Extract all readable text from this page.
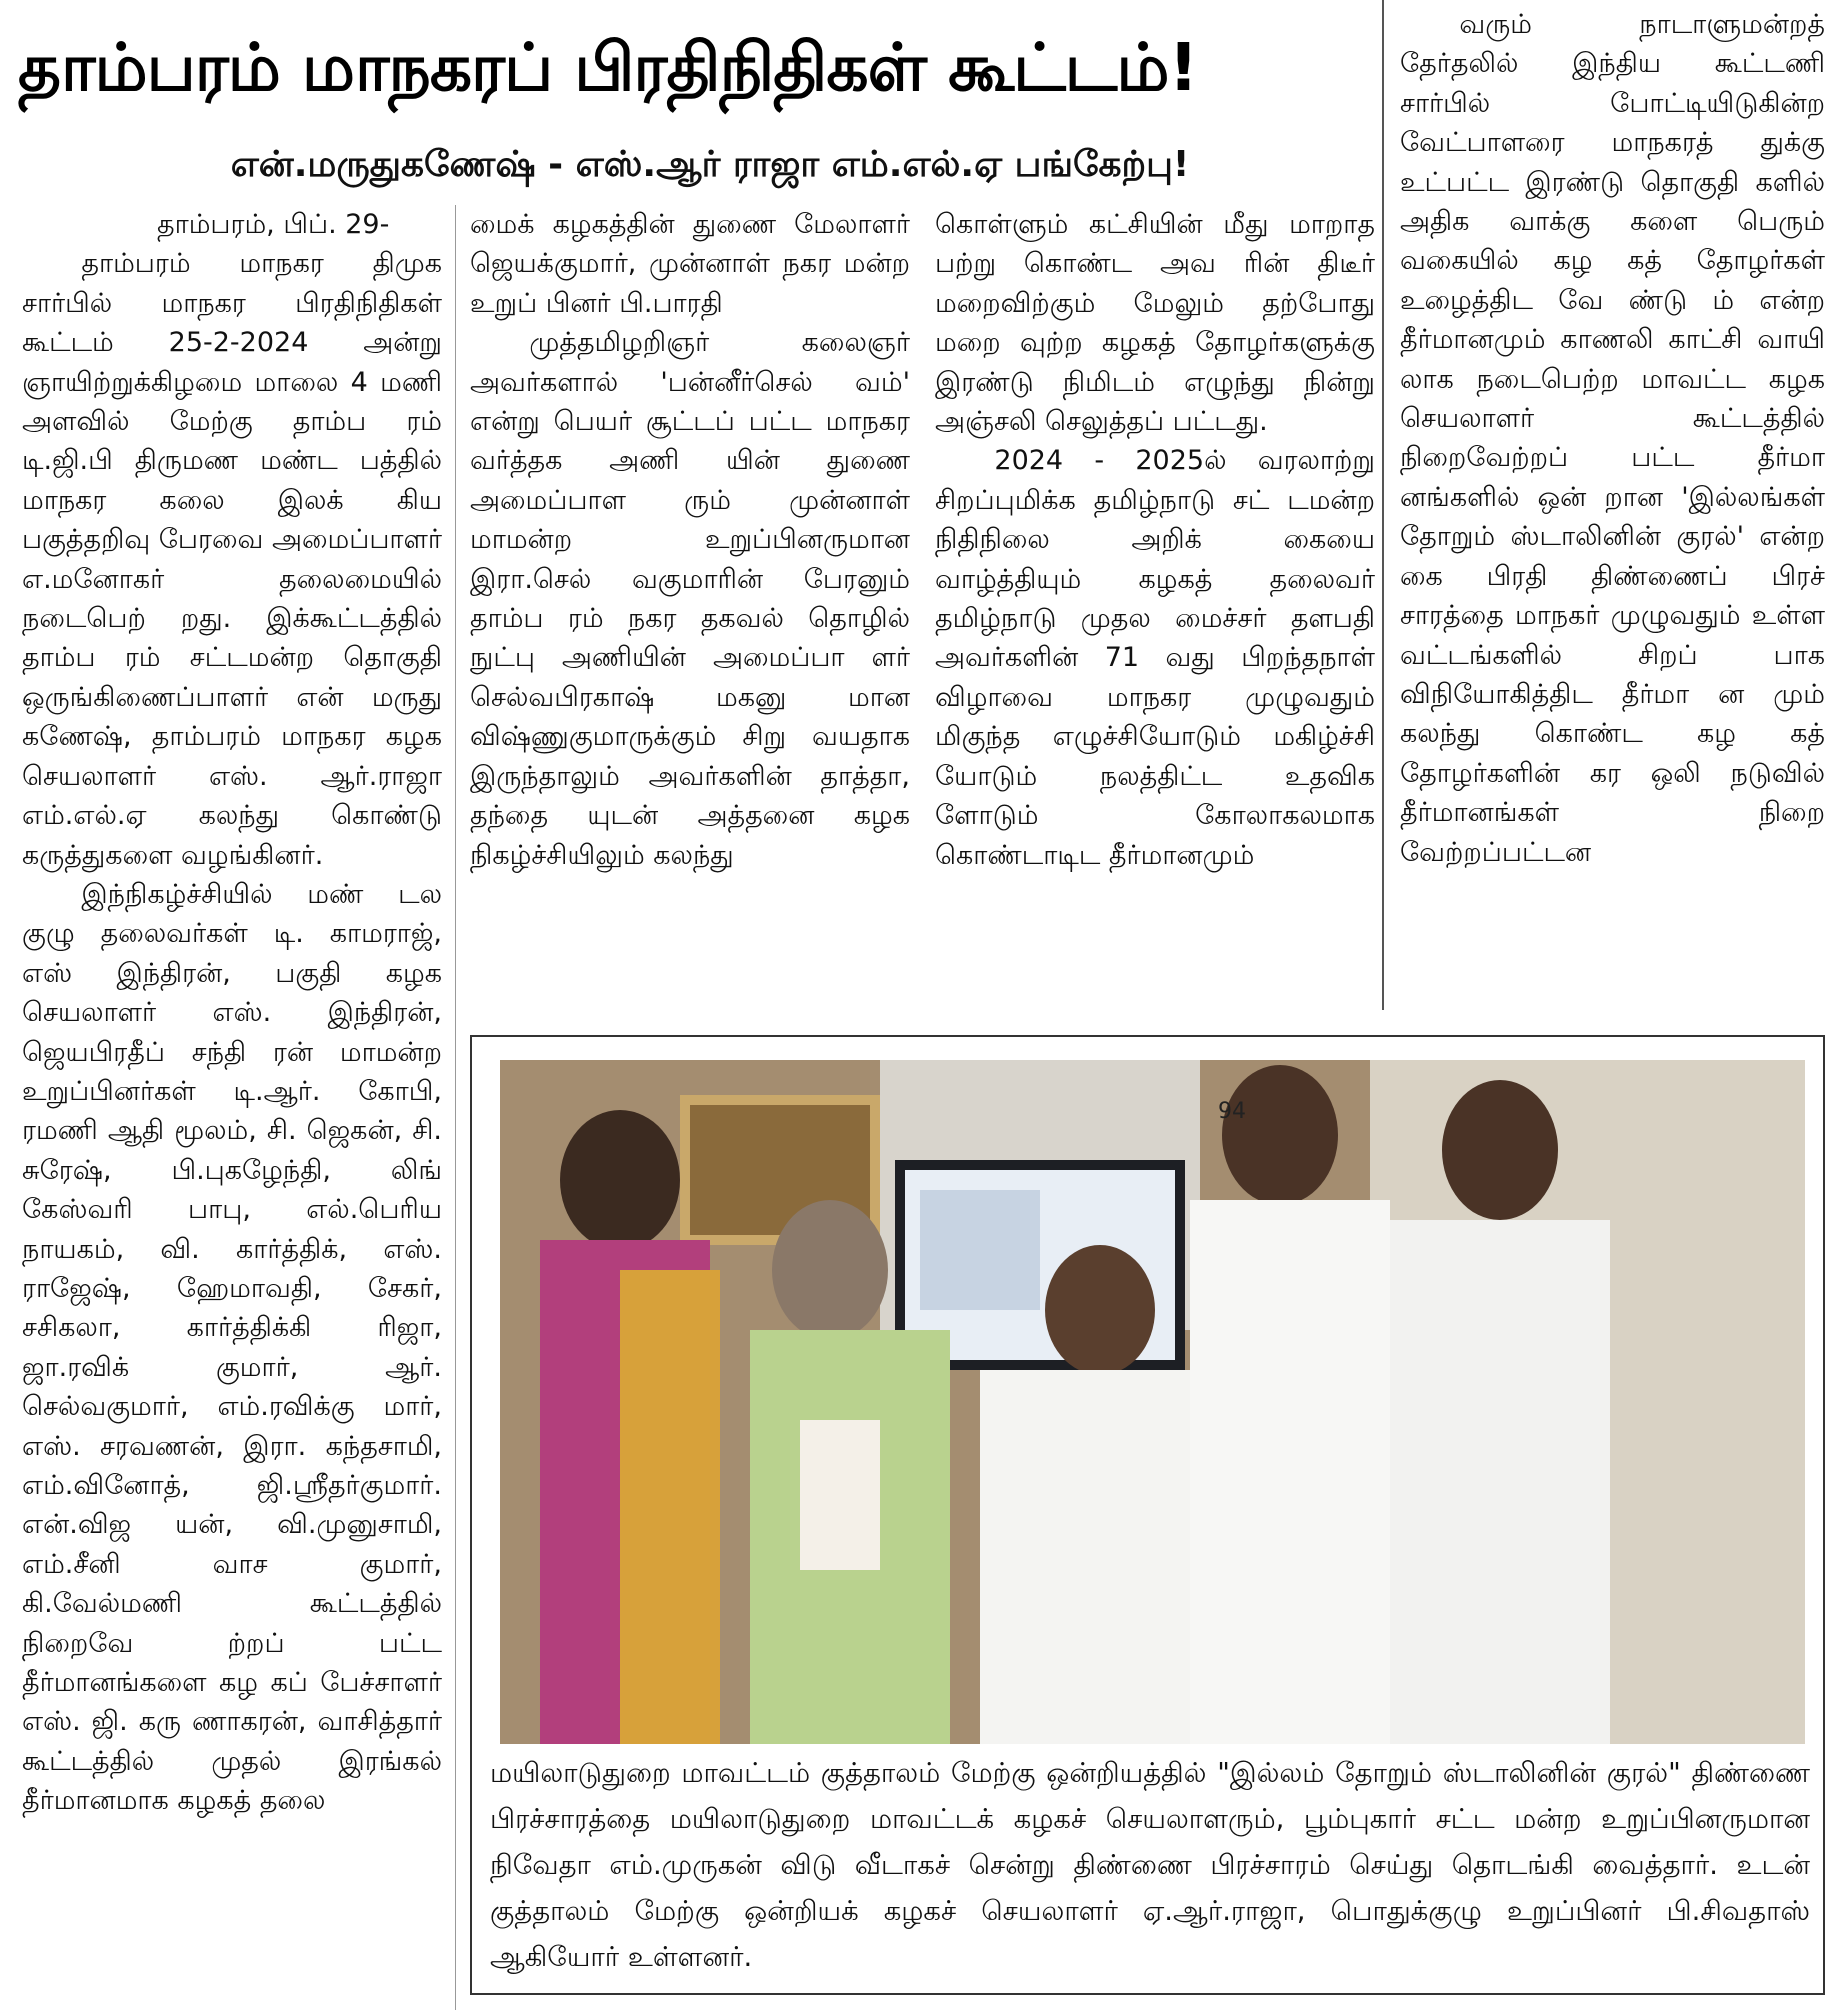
தாம்பரம் மாநகரப் பிரதிநிதிகள் கூட்டம்!
என்.மருதுகணேஷ் - எஸ்.ஆர் ராஜா எம்.எல்.ஏ பங்கேற்பு!

தாம்பரம், பிப். 29-

தாம்பரம் மாநகர திமுக சார்பில் மாநகர பிரதிநிதிகள் கூட்டம் 25-2-2024 அன்று ஞாயிற்றுக்கிழமை மாலை 4 மணி அளவில் மேற்கு தாம்ப ரம் டி.ஜி.பி திருமண மண்ட பத்தில் மாநகர கலை இலக் கிய பகுத்தறிவு பேரவை அமைப்பாளர் எ.மனோகர் தலைமையில் நடைபெற் றது. இக்கூட்டத்தில் தாம்ப ரம் சட்டமன்ற தொகுதி ஒருங்கிணைப்பாளர் என் மருது கணேஷ், தாம்பரம் மாநகர கழக செயலாளர் எஸ். ஆர்.ராஜா எம்.எல்.ஏ கலந்து கொண்டு கருத்துகளை வழங்கினர்.

இந்நிகழ்ச்சியில் மண் டல குழு தலைவர்கள் டி. காமராஜ், எஸ் இந்திரன், பகுதி கழக செயலாளர் எஸ். இந்திரன், ஜெயபிரதீப் சந்தி ரன் மாமன்ற உறுப்பினர்கள் டி.ஆர். கோபி, ரமணி ஆதி மூலம், சி. ஜெகன், சி. சுரேஷ், பி.புகழேந்தி, லிங் கேஸ்வரி பாபு, எல்.பெரிய நாயகம், வி. கார்த்திக், எஸ். ராஜேஷ், ஹேமாவதி, சேகர், சசிகலா, கார்த்திக்கி ரிஜா, ஜா.ரவிக் குமார், ஆர். செல்வகுமார், எம்.ரவிக்கு மார், எஸ். சரவணன், இரா. கந்தசாமி, எம்.வினோத், ஜி.ஸ்ரீதர்குமார். என்.விஜ யன், வி.முனுசாமி, எம்.சீனி வாச குமார், கி.வேல்மணி கூட்டத்தில் நிறைவே ற்றப் பட்ட தீர்மானங்களை கழ கப் பேச்சாளர் எஸ். ஜி. கரு ணாகரன், வாசித்தார் கூட்டத்தில் முதல் இரங்கல் தீர்மானமாக கழகத் தலை

மைக் கழகத்தின் துணை மேலாளர் ஜெயக்குமார், முன்னாள் நகர மன்ற உறுப் பினர் பி.பாரதி

முத்தமிழறிஞர் கலைஞர் அவர்களால் 'பன்னீர்செல் வம்' என்று பெயர் சூட்டப் பட்ட மாநகர வர்த்தக அணி யின் துணை அமைப்பாள ரும் முன்னாள் மாமன்ற உறுப்பினருமான இரா.செல் வகுமாரின் பேரனும் தாம்ப ரம் நகர தகவல் தொழில் நுட்பு அணியின் அமைப்பா ளர் செல்வபிரகாஷ் மகனு மான விஷ்ணுகுமாருக்கும் சிறு வயதாக இருந்தாலும் அவர்களின் தாத்தா, தந்தை யுடன் அத்தனை கழக நிகழ்ச்சியிலும் கலந்து

கொள்ளும் கட்சியின் மீது மாறாத பற்று கொண்ட அவ ரின் திடீர் மறைவிற்கும் மேலும் தற்போது மறை வுற்ற கழகத் தோழர்களுக்கு இரண்டு நிமிடம் எழுந்து நின்று அஞ்சலி செலுத்தப் பட்டது.

2024 - 2025ல் வரலாற்று சிறப்புமிக்க தமிழ்நாடு சட் டமன்ற நிதிநிலை அறிக் கையை வாழ்த்தியும் கழகத் தலைவர் தமிழ்நாடு முதல மைச்சர் தளபதி அவர்களின் 71 வது பிறந்தநாள் விழாவை மாநகர முழுவதும் மிகுந்த எழுச்சியோடும் மகிழ்ச்சி யோடும் நலத்திட்ட உதவிக ளோடும் கோலாகலமாக கொண்டாடிட தீர்மானமும்

வரும் நாடாளுமன்றத் தேர்தலில் இந்திய கூட்டணி சார்பில் போட்டியிடுகின்ற வேட்பாளரை மாநகரத் துக்கு உட்பட்ட இரண்டு தொகுதி களில் அதிக வாக்கு களை பெரும் வகையில் கழ கத் தோழர்கள் உழைத்திட வே ண்டு ம் என்ற தீர்மானமும் காணலி காட்சி வாயி லாக நடைபெற்ற மாவட்ட கழக செயலாளர் கூட்டத்தில் நிறைவேற்றப் பட்ட தீர்மா னங்களில் ஒன் றான 'இல்லங்கள் தோறும் ஸ்டாலினின் குரல்' என்ற கை பிரதி திண்ணைப் பிரச் சாரத்தை மாநகர் முழுவதும் உள்ள வட்டங்களில் சிறப் பாக விநியோகித்திட தீர்மா ன மும் கலந்து கொண்ட கழ கத் தோழர்களின் கர ஒலி நடுவில் தீர்மானங்கள் நிறை வேற்றப்பட்டன

94
மயிலாடுதுறை மாவட்டம் குத்தாலம் மேற்கு ஒன்றியத்தில் "இல்லம் தோறும் ஸ்டாலினின் குரல்" திண்ணை பிரச்சாரத்தை மயிலாடுதுறை மாவட்டக் கழகச் செயலாளரும், பூம்புகார் சட்ட மன்ற உறுப்பினருமான நிவேதா எம்.முருகன் விடு வீடாகச் சென்று திண்ணை பிரச்சாரம் செய்து தொடங்கி வைத்தார். உடன் குத்தாலம் மேற்கு ஒன்றியக் கழகச் செயலாளர் ஏ.ஆர்.ராஜா, பொதுக்குழு உறுப்பினர் பி.சிவதாஸ் ஆகியோர் உள்ளனர்.
